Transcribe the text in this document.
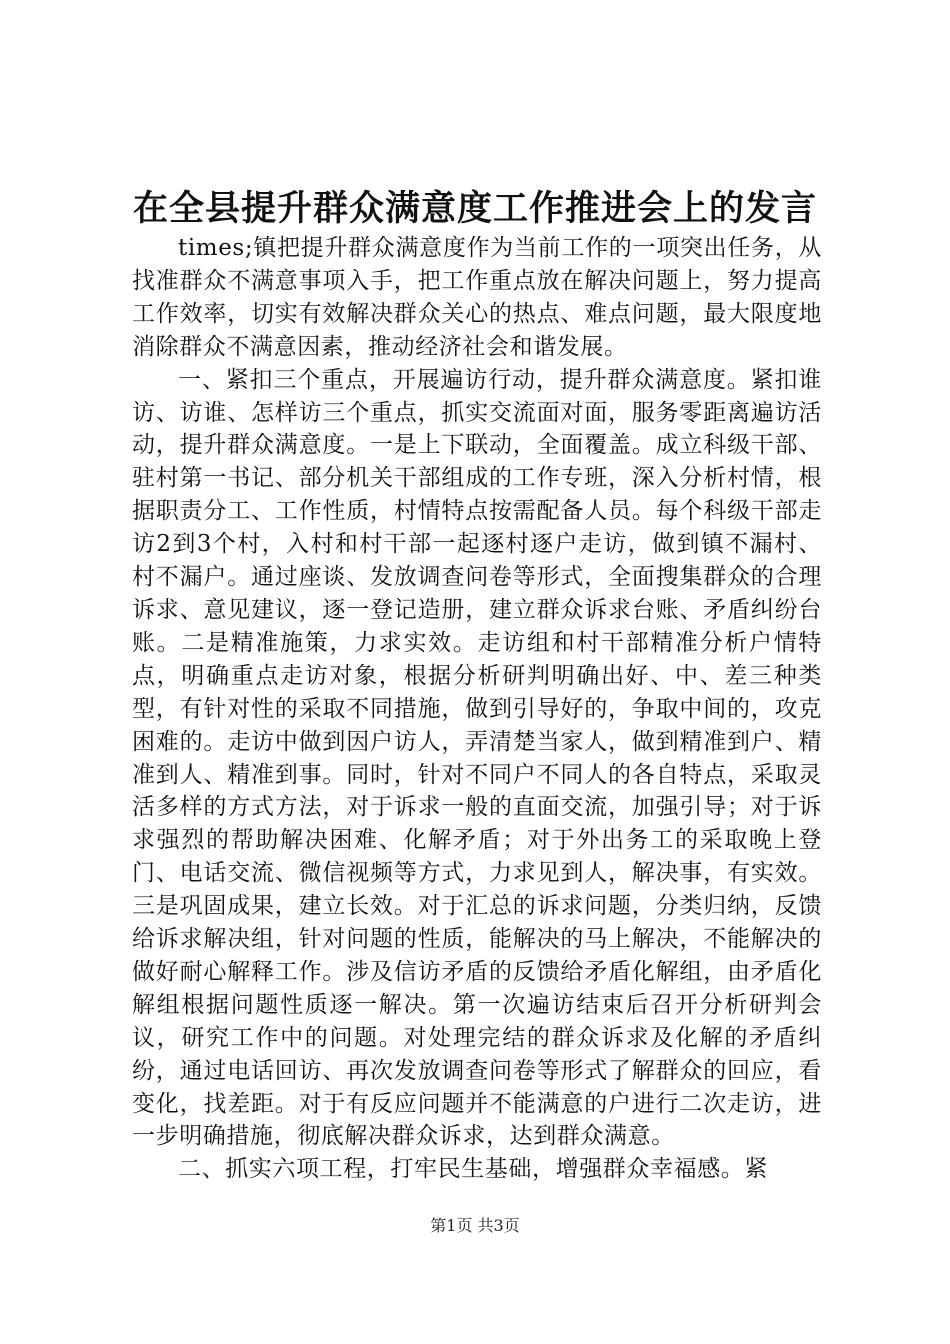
在全县提升群众满意度工作推进会上的发言

times;镇把提升群众满意度作为当前工作的一项突出任务，从找准群众不满意事项入手，把工作重点放在解决问题上，努力提高工作效率，切实有效解决群众关心的热点、难点问题，最大限度地消除群众不满意因素，推动经济社会和谐发展。

一、紧扣三个重点，开展遍访行动，提升群众满意度。紧扣谁访、访谁、怎样访三个重点，抓实交流面对面，服务零距离遍访活动，提升群众满意度。一是上下联动，全面覆盖。成立科级干部、驻村第一书记、部分机关干部组成的工作专班，深入分析村情，根据职责分工、工作性质，村情特点按需配备人员。每个科级干部走访2到3个村，入村和村干部一起逐村逐户走访，做到镇不漏村、村不漏户。通过座谈、发放调查问卷等形式，全面搜集群众的合理诉求、意见建议，逐一登记造册，建立群众诉求台账、矛盾纠纷台账。二是精准施策，力求实效。走访组和村干部精准分析户情特点，明确重点走访对象，根据分析研判明确出好、中、差三种类型，有针对性的采取不同措施，做到引导好的，争取中间的，攻克困难的。走访中做到因户访人，弄清楚当家人，做到精准到户、精准到人、精准到事。同时，针对不同户不同人的各自特点，采取灵活多样的方式方法，对于诉求一般的直面交流，加强引导；对于诉求强烈的帮助解决困难、化解矛盾；对于外出务工的采取晚上登门、电话交流、微信视频等方式，力求见到人，解决事，有实效。三是巩固成果，建立长效。对于汇总的诉求问题，分类归纳，反馈给诉求解决组，针对问题的性质，能解决的马上解决，不能解决的做好耐心解释工作。涉及信访矛盾的反馈给矛盾化解组，由矛盾化解组根据问题性质逐一解决。第一次遍访结束后召开分析研判会议，研究工作中的问题。对处理完结的群众诉求及化解的矛盾纠纷，通过电话回访、再次发放调查问卷等形式了解群众的回应，看变化，找差距。对于有反应问题并不能满意的户进行二次走访，进一步明确措施，彻底解决群众诉求，达到群众满意。

二、抓实六项工程，打牢民生基础，增强群众幸福感。紧

第1页 共3页
